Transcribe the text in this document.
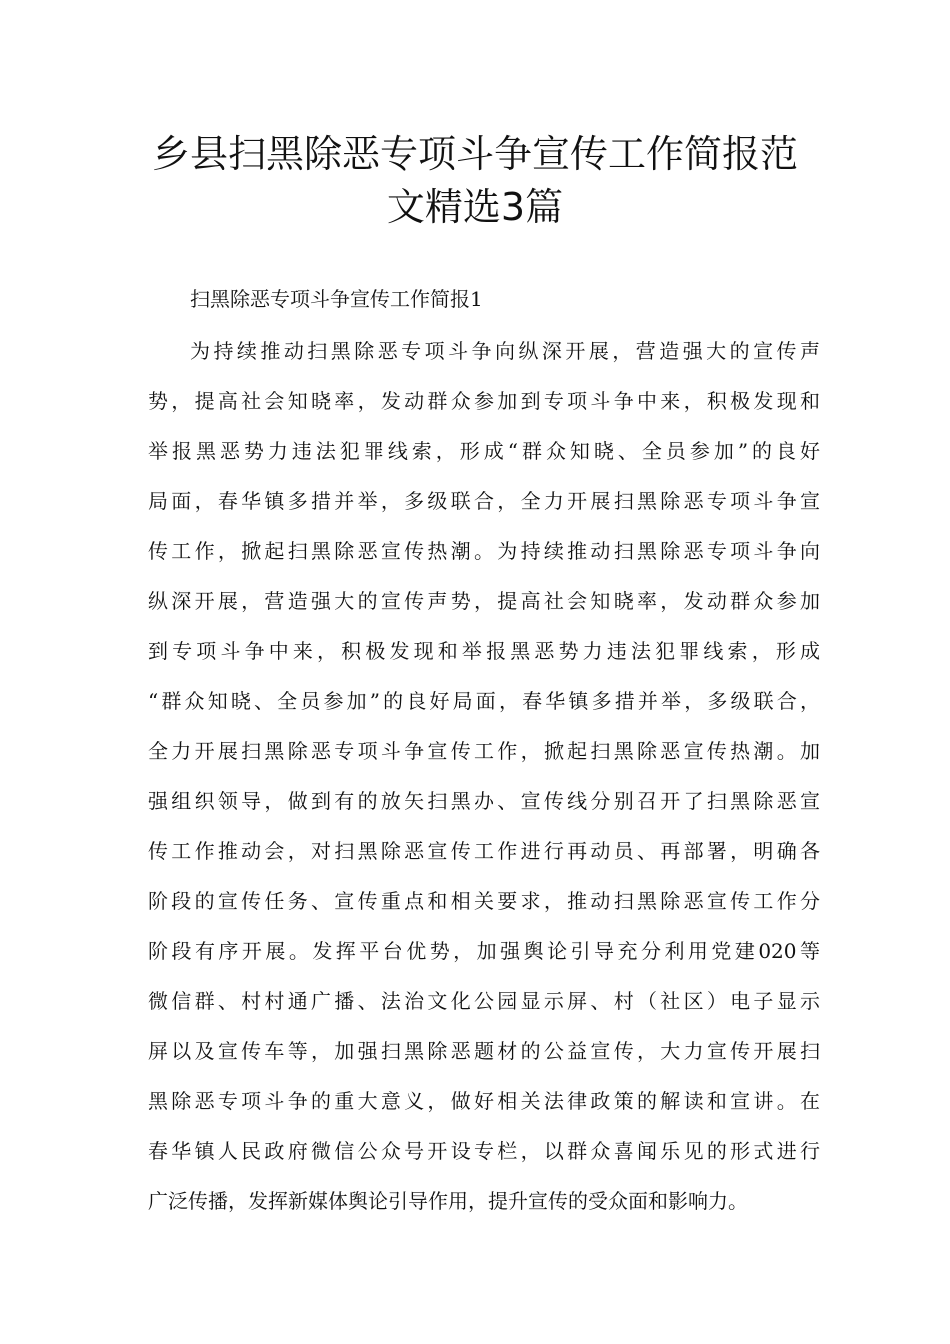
乡县扫黑除恶专项斗争宣传工作简报范
文精选3篇

扫黑除恶专项斗争宣传工作简报1

为持续推动扫黑除恶专项斗争向纵深开展，营造强大的宣传声

势，提高社会知晓率，发动群众参加到专项斗争中来，积极发现和

举报黑恶势力违法犯罪线索，形成“群众知晓、全员参加”的良好

局面，春华镇多措并举，多级联合，全力开展扫黑除恶专项斗争宣

传工作，掀起扫黑除恶宣传热潮。为持续推动扫黑除恶专项斗争向

纵深开展，营造强大的宣传声势，提高社会知晓率，发动群众参加

到专项斗争中来，积极发现和举报黑恶势力违法犯罪线索，形成

“群众知晓、全员参加”的良好局面，春华镇多措并举，多级联合，

全力开展扫黑除恶专项斗争宣传工作，掀起扫黑除恶宣传热潮。加

强组织领导，做到有的放矢扫黑办、宣传线分别召开了扫黑除恶宣

传工作推动会，对扫黑除恶宣传工作进行再动员、再部署，明确各

阶段的宣传任务、宣传重点和相关要求，推动扫黑除恶宣传工作分

阶段有序开展。发挥平台优势，加强舆论引导充分利用党建020等

微信群、村村通广播、法治文化公园显示屏、村（社区）电子显示

屏以及宣传车等，加强扫黑除恶题材的公益宣传，大力宣传开展扫

黑除恶专项斗争的重大意义，做好相关法律政策的解读和宣讲。在

春华镇人民政府微信公众号开设专栏，以群众喜闻乐见的形式进行

广泛传播，发挥新媒体舆论引导作用，提升宣传的受众面和影响力。
